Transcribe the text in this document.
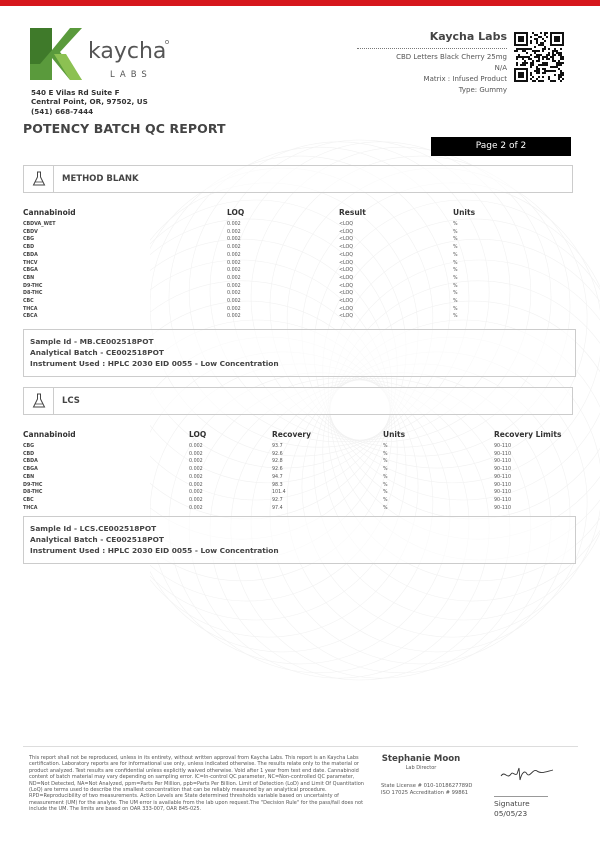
kaycha
LABS
540 E Vilas Rd Suite F
Central Point, OR, 97502, US
(541) 668-7444
POTENCY BATCH QC REPORT
Kaycha Labs
CBD Letters Black Cherry 25mg
N/A
Matrix : Infused Product
Type: Gummy
Page 2 of 2
METHOD BLANK
Cannabinoid	LOQ	Result	Units
CBDVA_WET	0.002	<LOQ	%
CBDV	0.002	<LOQ	%
CBG	0.002	<LOQ	%
CBD	0.002	<LOQ	%
CBDA	0.002	<LOQ	%
THCV	0.002	<LOQ	%
CBGA	0.002	<LOQ	%
CBN	0.002	<LOQ	%
D9-THC	0.002	<LOQ	%
D8-THC	0.002	<LOQ	%
CBC	0.002	<LOQ	%
THCA	0.002	<LOQ	%
CBCA	0.002	<LOQ	%
Sample Id - MB.CE002518POT
Analytical Batch - CE002518POT
Instrument Used : HPLC 2030 EID 0055 - Low Concentration
LCS
Cannabinoid	LOQ	Recovery	Units	Recovery Limits
CBG	0.002	93.7	%	90-110
CBD	0.002	92.6	%	90-110
CBDA	0.002	92.8	%	90-110
CBGA	0.002	92.6	%	90-110
CBN	0.002	94.7	%	90-110
D9-THC	0.002	98.3	%	90-110
D8-THC	0.002	101.4	%	90-110
CBC	0.002	92.7	%	90-110
THCA	0.002	97.4	%	90-110
Sample Id - LCS.CE002518POT
Analytical Batch - CE002518POT
Instrument Used : HPLC 2030 EID 0055 - Low Concentration
This report shall not be reproduced, unless in its entirety, without written approval from Kaycha Labs. This report is an Kaycha Labs certification. Laboratory reports are for informational use only, unless indicated otherwise. The results relate only to the material or product analyzed. Test results are confidential unless explicitly waived otherwise. Void after 1 year from test end date. Cannabinoid content of batch material may vary depending on sampling error. IC=In-control QC parameter, NC=Non-controlled QC parameter, ND=Not Detected, NA=Not Analyzed, ppm=Parts Per Million, ppb=Parts Per Billion. Limit of Detection (LoD) and Limit Of Quantitation (LoQ) are terms used to describe the smallest concentration that can be reliably measured by an analytical procedure. RPD=Reproducibility of two measurements. Action Levels are State determined thresholds variable based on uncertainty of measurement (UM) for the analyte. The UM error is available from the lab upon request.The "Decision Rule" for the pass/fail does not include the UM. The limits are based on OAR 333-007, OAR 845-025.
Stephanie Moon
Lab Director
State License # 010-1018627789D
ISO 17025 Accreditation # 99861
Signature
05/05/23
